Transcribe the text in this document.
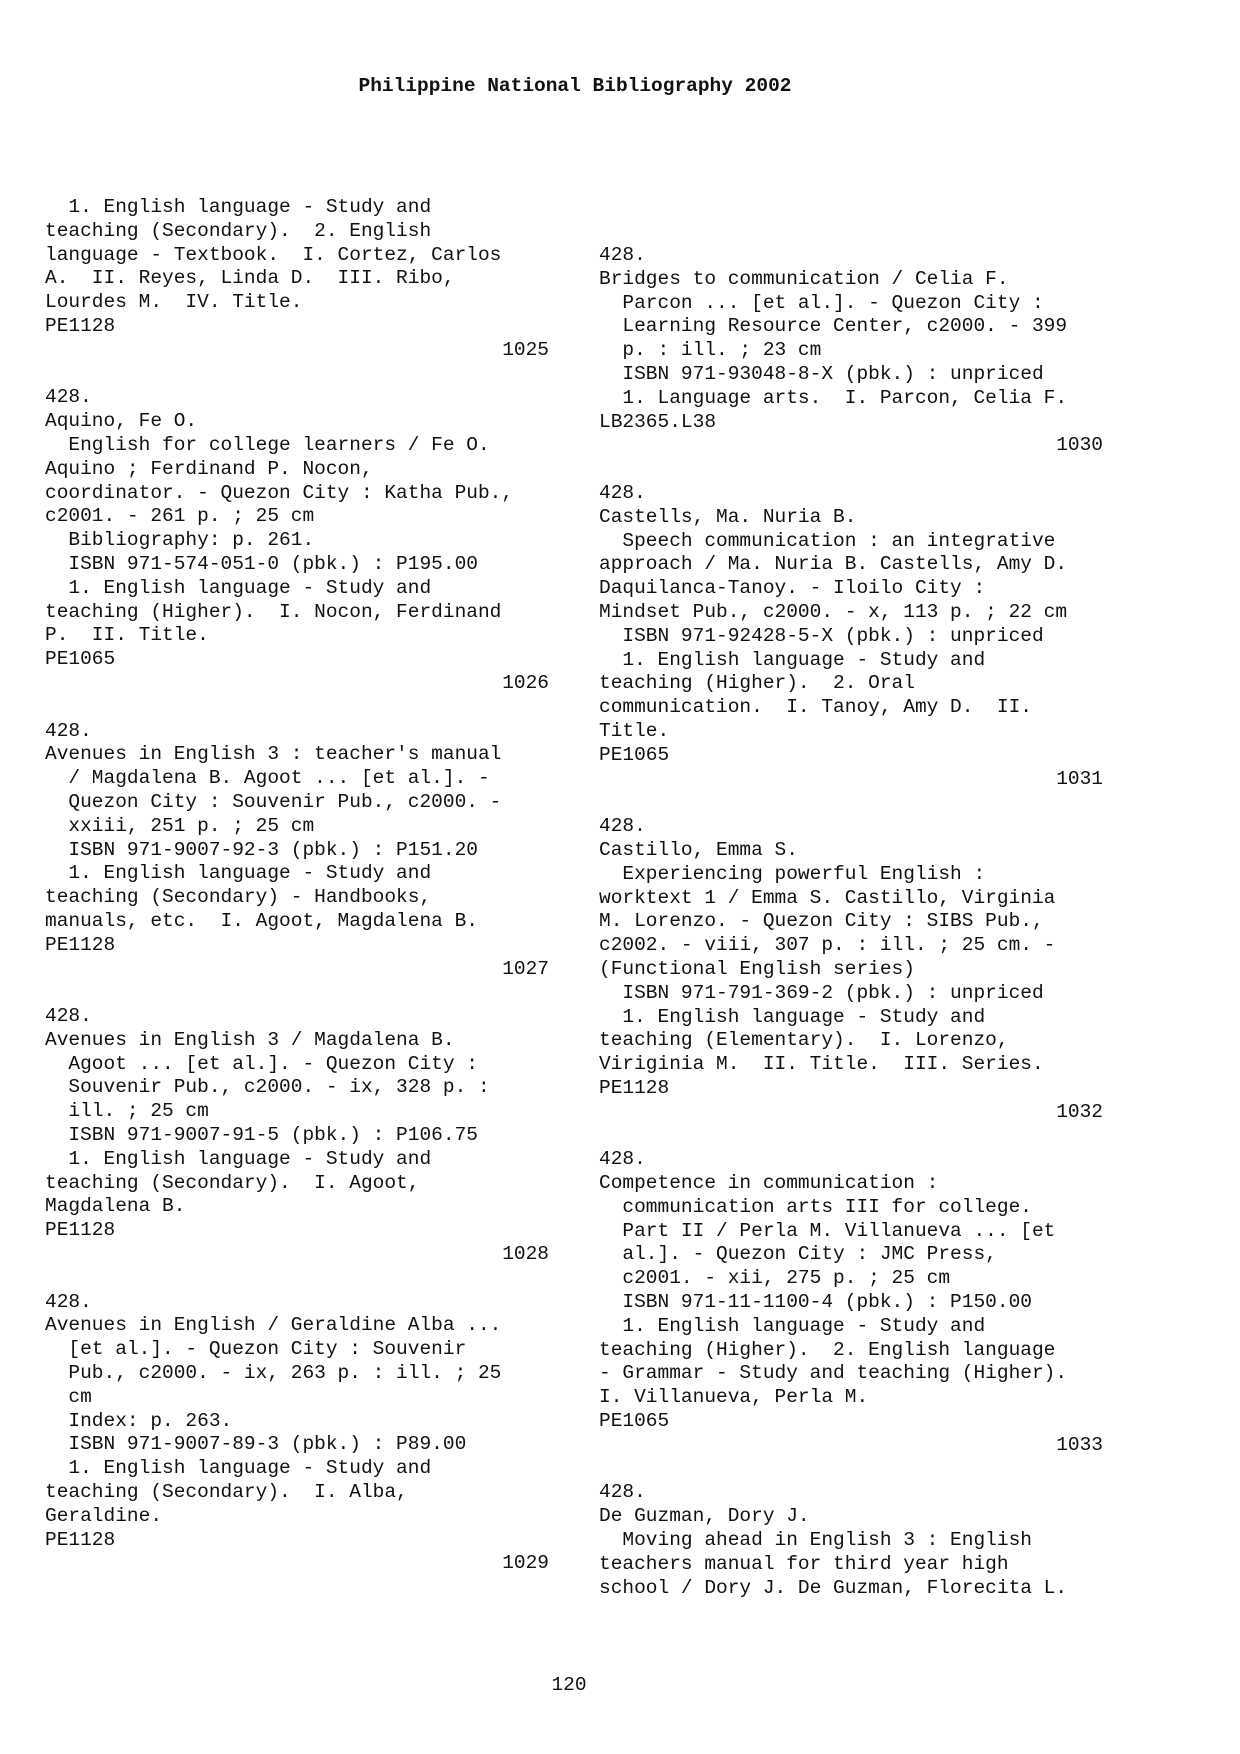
Philippine National Bibliography 2002
1. English language - Study and
teaching (Secondary).  2. English
language - Textbook.  I. Cortez, Carlos
A.  II. Reyes, Linda D.  III. Ribo,
Lourdes M.  IV. Title.
PE1128
1025
428.
Aquino, Fe O.
English for college learners / Fe O.
Aquino ; Ferdinand P. Nocon,
coordinator. - Quezon City : Katha Pub.,
c2001. - 261 p. ; 25 cm
Bibliography: p. 261.
ISBN 971-574-051-0 (pbk.) : P195.00
1. English language - Study and
teaching (Higher).  I. Nocon, Ferdinand
P.  II. Title.
PE1065
1026
428.
Avenues in English 3 : teacher's manual
/ Magdalena B. Agoot ... [et al.]. -
Quezon City : Souvenir Pub., c2000. -
xxiii, 251 p. ; 25 cm
ISBN 971-9007-92-3 (pbk.) : P151.20
1. English language - Study and
teaching (Secondary) - Handbooks,
manuals, etc.  I. Agoot, Magdalena B.
PE1128
1027
428.
Avenues in English 3 / Magdalena B.
Agoot ... [et al.]. - Quezon City :
Souvenir Pub., c2000. - ix, 328 p. :
ill. ; 25 cm
ISBN 971-9007-91-5 (pbk.) : P106.75
1. English language - Study and
teaching (Secondary).  I. Agoot,
Magdalena B.
PE1128
1028
428.
Avenues in English / Geraldine Alba ...
[et al.]. - Quezon City : Souvenir
Pub., c2000. - ix, 263 p. : ill. ; 25
cm
Index: p. 263.
ISBN 971-9007-89-3 (pbk.) : P89.00
1. English language - Study and
teaching (Secondary).  I. Alba,
Geraldine.
PE1128
1029
428.
Bridges to communication / Celia F.
Parcon ... [et al.]. - Quezon City :
Learning Resource Center, c2000. - 399
p. : ill. ; 23 cm
ISBN 971-93048-8-X (pbk.) : unpriced
1. Language arts.  I. Parcon, Celia F.
LB2365.L38
1030
428.
Castells, Ma. Nuria B.
Speech communication : an integrative
approach / Ma. Nuria B. Castells, Amy D.
Daquilanca-Tanoy. - Iloilo City :
Mindset Pub., c2000. - x, 113 p. ; 22 cm
ISBN 971-92428-5-X (pbk.) : unpriced
1. English language - Study and
teaching (Higher).  2. Oral
communication.  I. Tanoy, Amy D.  II.
Title.
PE1065
1031
428.
Castillo, Emma S.
Experiencing powerful English :
worktext 1 / Emma S. Castillo, Virginia
M. Lorenzo. - Quezon City : SIBS Pub.,
c2002. - viii, 307 p. : ill. ; 25 cm. -
(Functional English series)
ISBN 971-791-369-2 (pbk.) : unpriced
1. English language - Study and
teaching (Elementary).  I. Lorenzo,
Viriginia M.  II. Title.  III. Series.
PE1128
1032
428.
Competence in communication :
communication arts III for college.
Part II / Perla M. Villanueva ... [et
al.]. - Quezon City : JMC Press,
c2001. - xii, 275 p. ; 25 cm
ISBN 971-11-1100-4 (pbk.) : P150.00
1. English language - Study and
teaching (Higher).  2. English language
- Grammar - Study and teaching (Higher).
I. Villanueva, Perla M.
PE1065
1033
428.
De Guzman, Dory J.
Moving ahead in English 3 : English
teachers manual for third year high
school / Dory J. De Guzman, Florecita L.
120
